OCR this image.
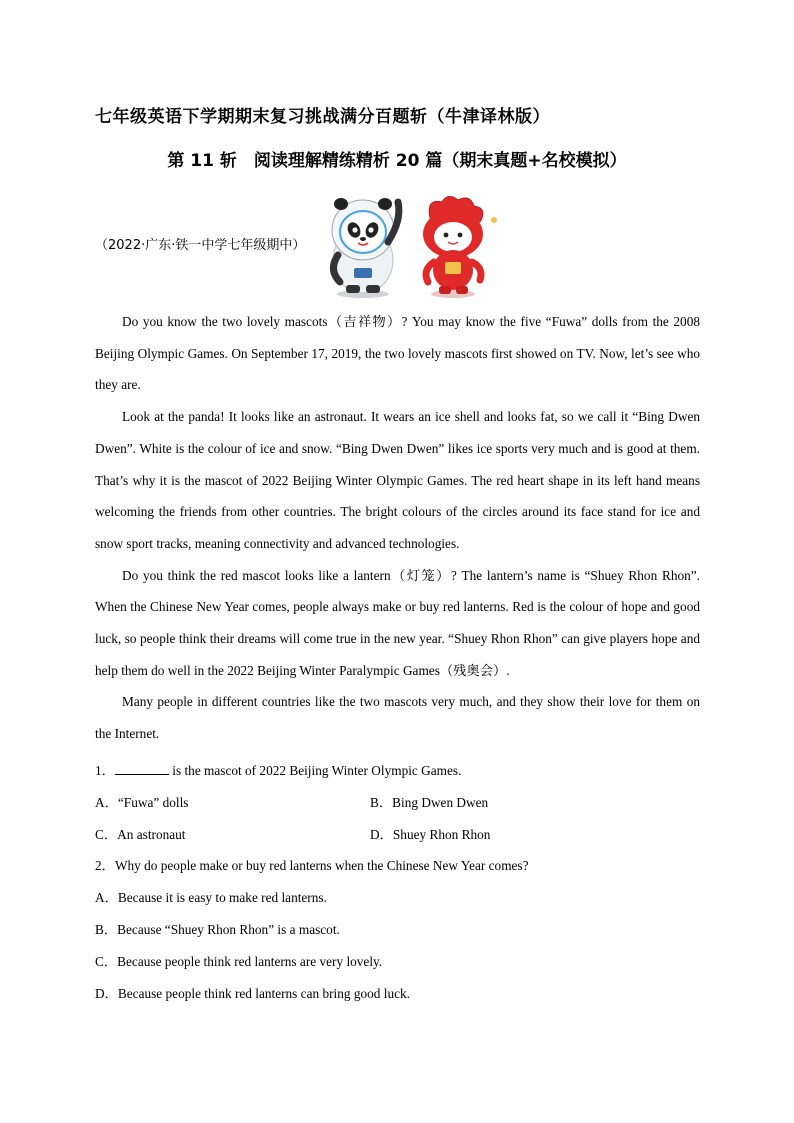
七年级英语下学期期末复习挑战满分百题斩（牛津译林版）
第 11 斩　阅读理解精练精析 20 篇（期末真题+名校模拟）
（2022·广东·铁一中学七年级期中）

Do you know the two lovely mascots（吉祥物）? You may know the five “Fuwa” dolls from the 2008 Beijing Olympic Games. On September 17, 2019, the two lovely mascots first showed on TV. Now, let’s see who they are.

Look at the panda! It looks like an astronaut. It wears an ice shell and looks fat, so we call it “Bing Dwen Dwen”. White is the colour of ice and snow. “Bing Dwen Dwen” likes ice sports very much and is good at them. That’s why it is the mascot of 2022 Beijing Winter Olympic Games. The red heart shape in its left hand means welcoming the friends from other countries. The bright colours of the circles around its face stand for ice and snow sport tracks, meaning connectivity and advanced technologies.

Do you think the red mascot looks like a lantern（灯笼）? The lantern’s name is “Shuey Rhon Rhon”. When the Chinese New Year comes, people always make or buy red lanterns. Red is the colour of hope and good luck, so people think their dreams will come true in the new year. “Shuey Rhon Rhon” can give players hope and help them do well in the 2022 Beijing Winter Paralympic Games（残奥会）.

Many people in different countries like the two mascots very much, and they show their love for them on the Internet.

1．	is the mascot of 2022 Beijing Winter Olympic Games.
A．“Fuwa” dolls	B．Bing Dwen Dwen
C．An astronaut	D．Shuey Rhon Rhon
2．Why do people make or buy red lanterns when the Chinese New Year comes?
A．Because it is easy to make red lanterns.
B．Because “Shuey Rhon Rhon” is a mascot.
C．Because people think red lanterns are very lovely.
D．Because people think red lanterns can bring good luck.
